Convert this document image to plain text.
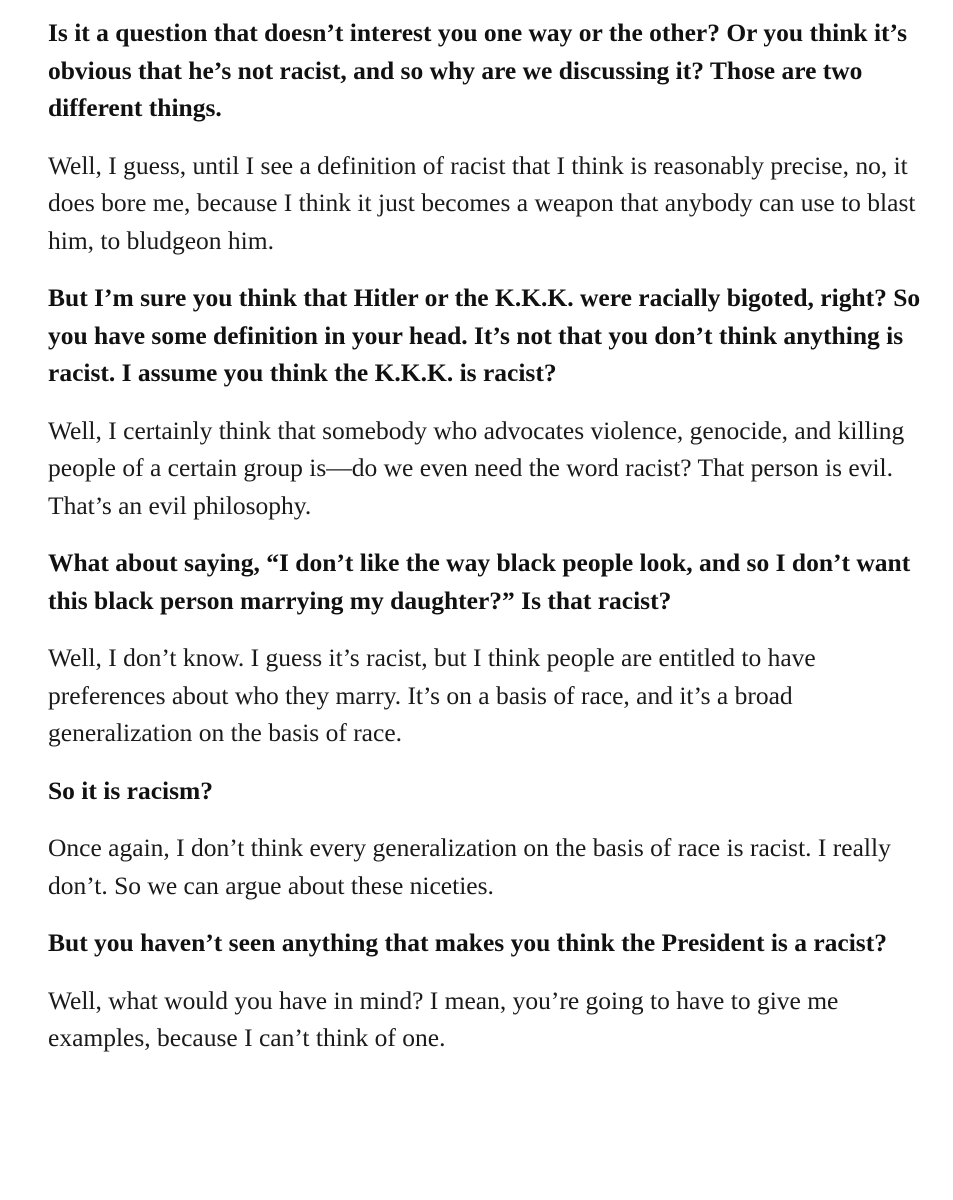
Is it a question that doesn’t interest you one way or the other? Or you think it’s obvious that he’s not racist, and so why are we discussing it? Those are two different things.

Well, I guess, until I see a definition of racist that I think is reasonably precise, no, it does bore me, because I think it just becomes a weapon that anybody can use to blast him, to bludgeon him.

But I’m sure you think that Hitler or the K.K.K. were racially bigoted, right? So you have some definition in your head. It’s not that you don’t think anything is racist. I assume you think the K.K.K. is racist?

Well, I certainly think that somebody who advocates violence, genocide, and killing people of a certain group is—do we even need the word racist? That person is evil. That’s an evil philosophy.

What about saying, “I don’t like the way black people look, and so I don’t want this black person marrying my daughter?” Is that racist?

Well, I don’t know. I guess it’s racist, but I think people are entitled to have preferences about who they marry. It’s on a basis of race, and it’s a broad generalization on the basis of race.

So it is racism?

Once again, I don’t think every generalization on the basis of race is racist. I really don’t. So we can argue about these niceties.

But you haven’t seen anything that makes you think the President is a racist?

Well, what would you have in mind? I mean, you’re going to have to give me examples, because I can’t think of one.
